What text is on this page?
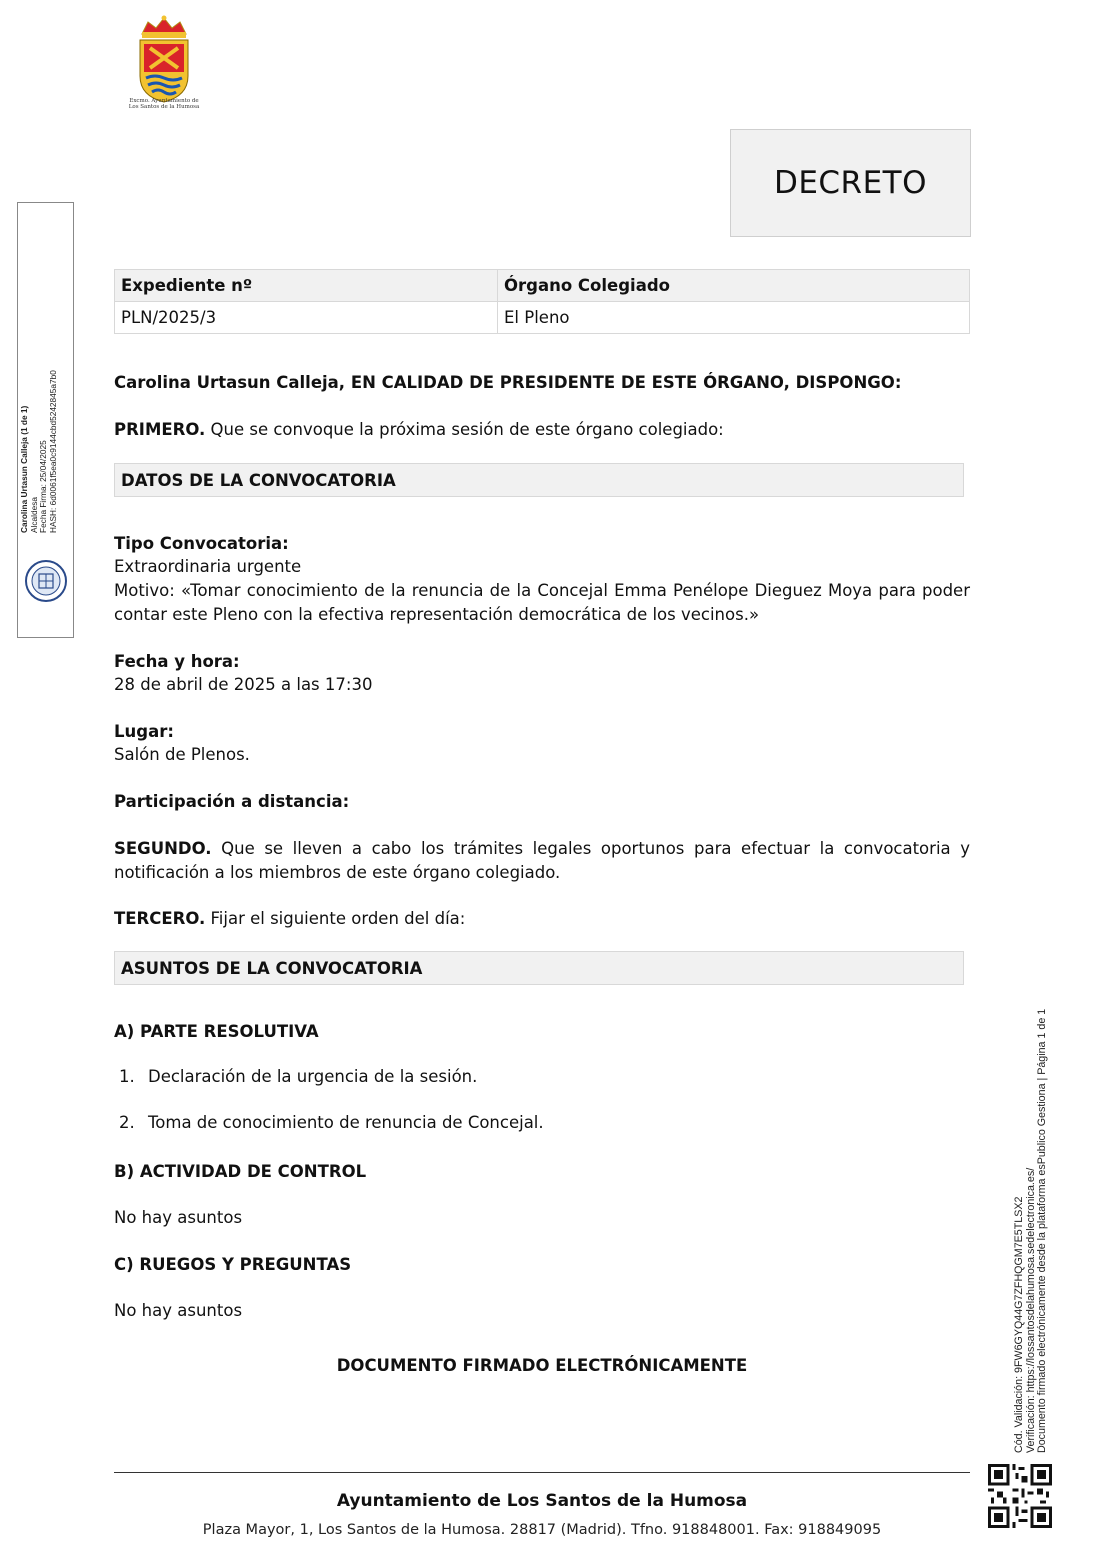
Excmo. Ayuntamiento de
Los Santos de la Humosa
DECRETO
Expediente nº	Órgano Colegiado
PLN/2025/3	El Pleno
Carolina Urtasun Calleja, EN CALIDAD DE PRESIDENTE DE ESTE ÓRGANO, DISPONGO:
PRIMERO. Que se convoque la próxima sesión de este órgano colegiado:
DATOS DE LA CONVOCATORIA
Tipo Convocatoria:
Extraordinaria urgente
Motivo: «Tomar conocimiento de la renuncia de la Concejal Emma Penélope Dieguez Moya para poder contar este Pleno con la efectiva representación democrática de los vecinos.»
Fecha y hora:
28 de abril de 2025 a las 17:30
Lugar:
Salón de Plenos.
Participación a distancia:
SEGUNDO. Que se lleven a cabo los trámites legales oportunos para efectuar la convocatoria y notificación a los miembros de este órgano colegiado.
TERCERO. Fijar el siguiente orden del día:
ASUNTOS DE LA CONVOCATORIA
A) PARTE RESOLUTIVA
1. Declaración de la urgencia de la sesión.
2. Toma de conocimiento de renuncia de Concejal.
B) ACTIVIDAD DE CONTROL
No hay asuntos
C) RUEGOS Y PREGUNTAS
No hay asuntos
DOCUMENTO FIRMADO ELECTRÓNICAMENTE
Ayuntamiento de Los Santos de la Humosa
Plaza Mayor, 1, Los Santos de la Humosa. 28817 (Madrid). Tfno. 918848001. Fax: 918849095
Carolina Urtasun Calleja (1 de 1) Alcaldesa Fecha Firma: 25/04/2025 HASH: 6d0061f5ea0c9144cbd5242845a7b0
Cód. Validación: 9FW6GYQ44G7ZFHQGM7E5TLSX2 Verificación: https://lossantosdelahumosa.sedelectronica.es/ Documento firmado electrónicamente desde la plataforma esPublico Gestiona | Página 1 de 1
